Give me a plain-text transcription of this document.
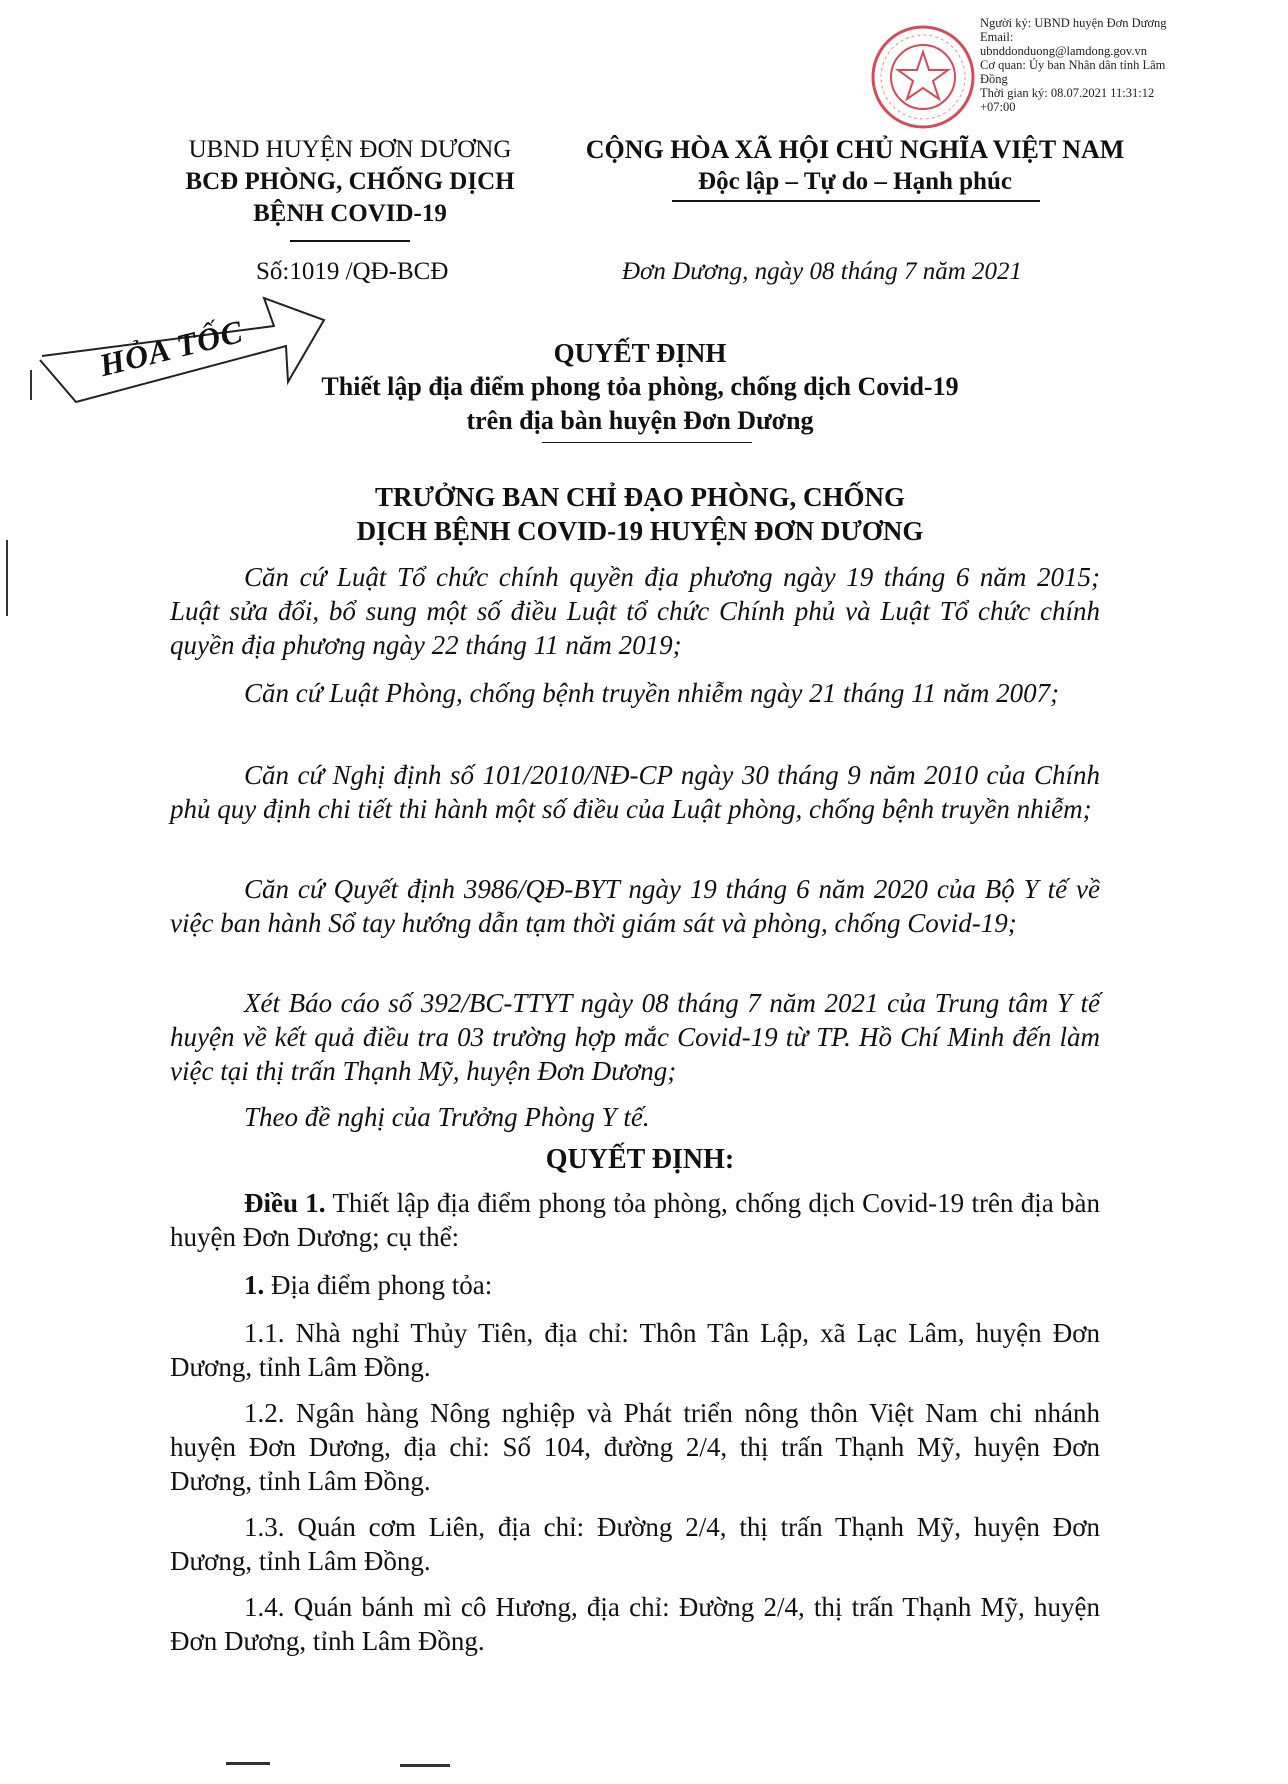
Người ký: UBND huyện Đơn Dương
Email:
ubnddonduong@lamdong.gov.vn
Cơ quan: Ủy ban Nhân dân tỉnh Lâm
Đồng
Thời gian ký: 08.07.2021 11:31:12
+07:00
UBND HUYỆN ĐƠN DƯƠNG
BCĐ PHÒNG, CHỐNG DỊCH
BỆNH COVID-19
CỘNG HÒA XÃ HỘI CHỦ NGHĨA VIỆT NAM
Độc lập – Tự do – Hạnh phúc
Số:1019 /QĐ-BCĐ	Đơn Dương, ngày 08 tháng 7 năm 2021
HỎA TỐC	QUYẾT ĐỊNH
Thiết lập địa điểm phong tỏa phòng, chống dịch Covid-19
trên địa bàn huyện Đơn Dương
TRƯỞNG BAN CHỈ ĐẠO PHÒNG, CHỐNG
DỊCH BỆNH COVID-19 HUYỆN ĐƠN DƯƠNG
Căn cứ Luật Tổ chức chính quyền địa phương ngày 19 tháng 6 năm 2015; Luật sửa đổi, bổ sung một số điều Luật tổ chức Chính phủ và Luật Tổ chức chính quyền địa phương ngày 22 tháng 11 năm 2019;
Căn cứ Luật Phòng, chống bệnh truyền nhiễm ngày 21 tháng 11 năm 2007;
Căn cứ Nghị định số 101/2010/NĐ-CP ngày 30 tháng 9 năm 2010 của Chính phủ quy định chi tiết thi hành một số điều của Luật phòng, chống bệnh truyền nhiễm;
Căn cứ Quyết định 3986/QĐ-BYT ngày 19 tháng 6 năm 2020 của Bộ Y tế về việc ban hành Sổ tay hướng dẫn tạm thời giám sát và phòng, chống Covid-19;
Xét Báo cáo số 392/BC-TTYT ngày 08 tháng 7 năm 2021 của Trung tâm Y tế huyện về kết quả điều tra 03 trường hợp mắc Covid-19 từ TP. Hồ Chí Minh đến làm việc tại thị trấn Thạnh Mỹ, huyện Đơn Dương;
Theo đề nghị của Trưởng Phòng Y tế.
QUYẾT ĐỊNH:
Điều 1. Thiết lập địa điểm phong tỏa phòng, chống dịch Covid-19 trên địa bàn huyện Đơn Dương; cụ thể:
1. Địa điểm phong tỏa:
1.1. Nhà nghỉ Thủy Tiên, địa chỉ: Thôn Tân Lập, xã Lạc Lâm, huyện Đơn Dương, tỉnh Lâm Đồng.
1.2. Ngân hàng Nông nghiệp và Phát triển nông thôn Việt Nam chi nhánh huyện Đơn Dương, địa chỉ: Số 104, đường 2/4, thị trấn Thạnh Mỹ, huyện Đơn Dương, tỉnh Lâm Đồng.
1.3. Quán cơm Liên, địa chỉ: Đường 2/4, thị trấn Thạnh Mỹ, huyện Đơn Dương, tỉnh Lâm Đồng.
1.4. Quán bánh mì cô Hương, địa chỉ: Đường 2/4, thị trấn Thạnh Mỹ, huyện Đơn Dương, tỉnh Lâm Đồng.
